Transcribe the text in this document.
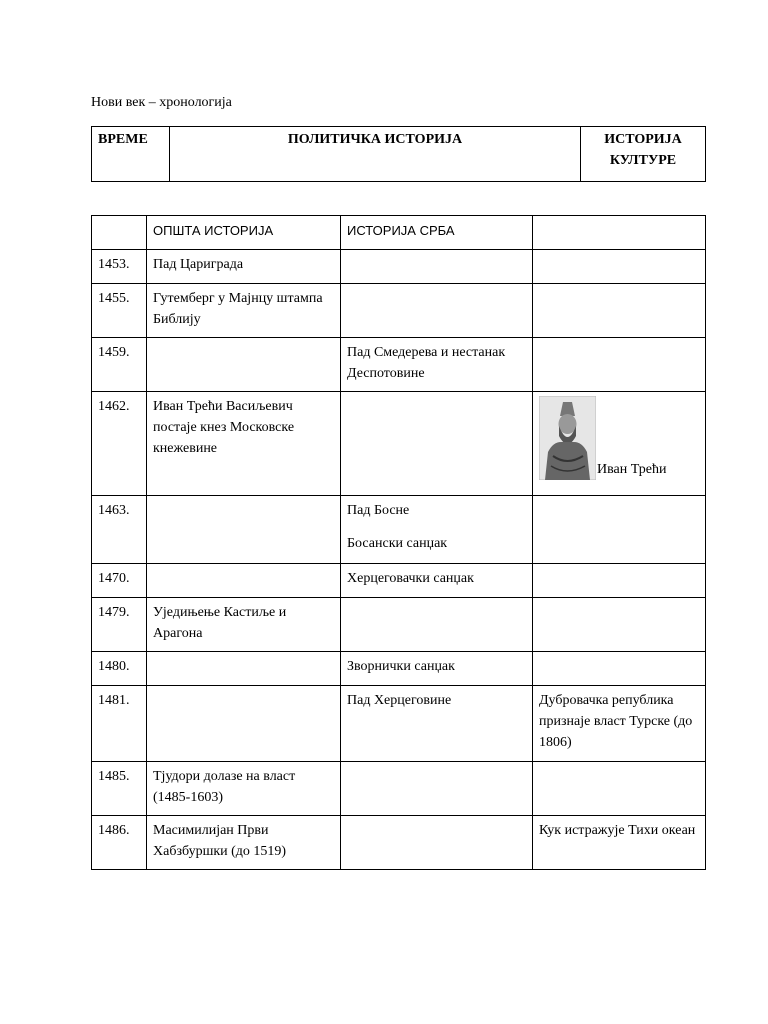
Нови век – хронологија
ВРЕМЕ	ПОЛИТИЧКА ИСТОРИЈА	ИСТОРИЈА
КУЛТУРЕ
	ОПШТА ИСТОРИЈА	ИСТОРИЈА СРБА	
1453.	Пад Цариграда		
1455.	Гутемберг у Мајнцу штампа Библију		
1459.		Пад Смедерева и нестанак Деспотовине	
1462.	Иван Трећи Васиљевич постаје кнез Московске кнежевине		Иван Трећи
1463.		Пад Босне
Босански санџак	

1470.		Херцеговачки санџак	
1479.	Уједињење Кастиље и Арагона		
1480.		Зворнички санџак	
1481.		Пад Херцеговине	Дубровачка република признаје власт Турске (до 1806)
1485.	Тјудори долазе на власт (1485-1603)		
1486.	Масимилијан Први Хабзбуршки (до 1519)		Кук истражује Тихи океан
